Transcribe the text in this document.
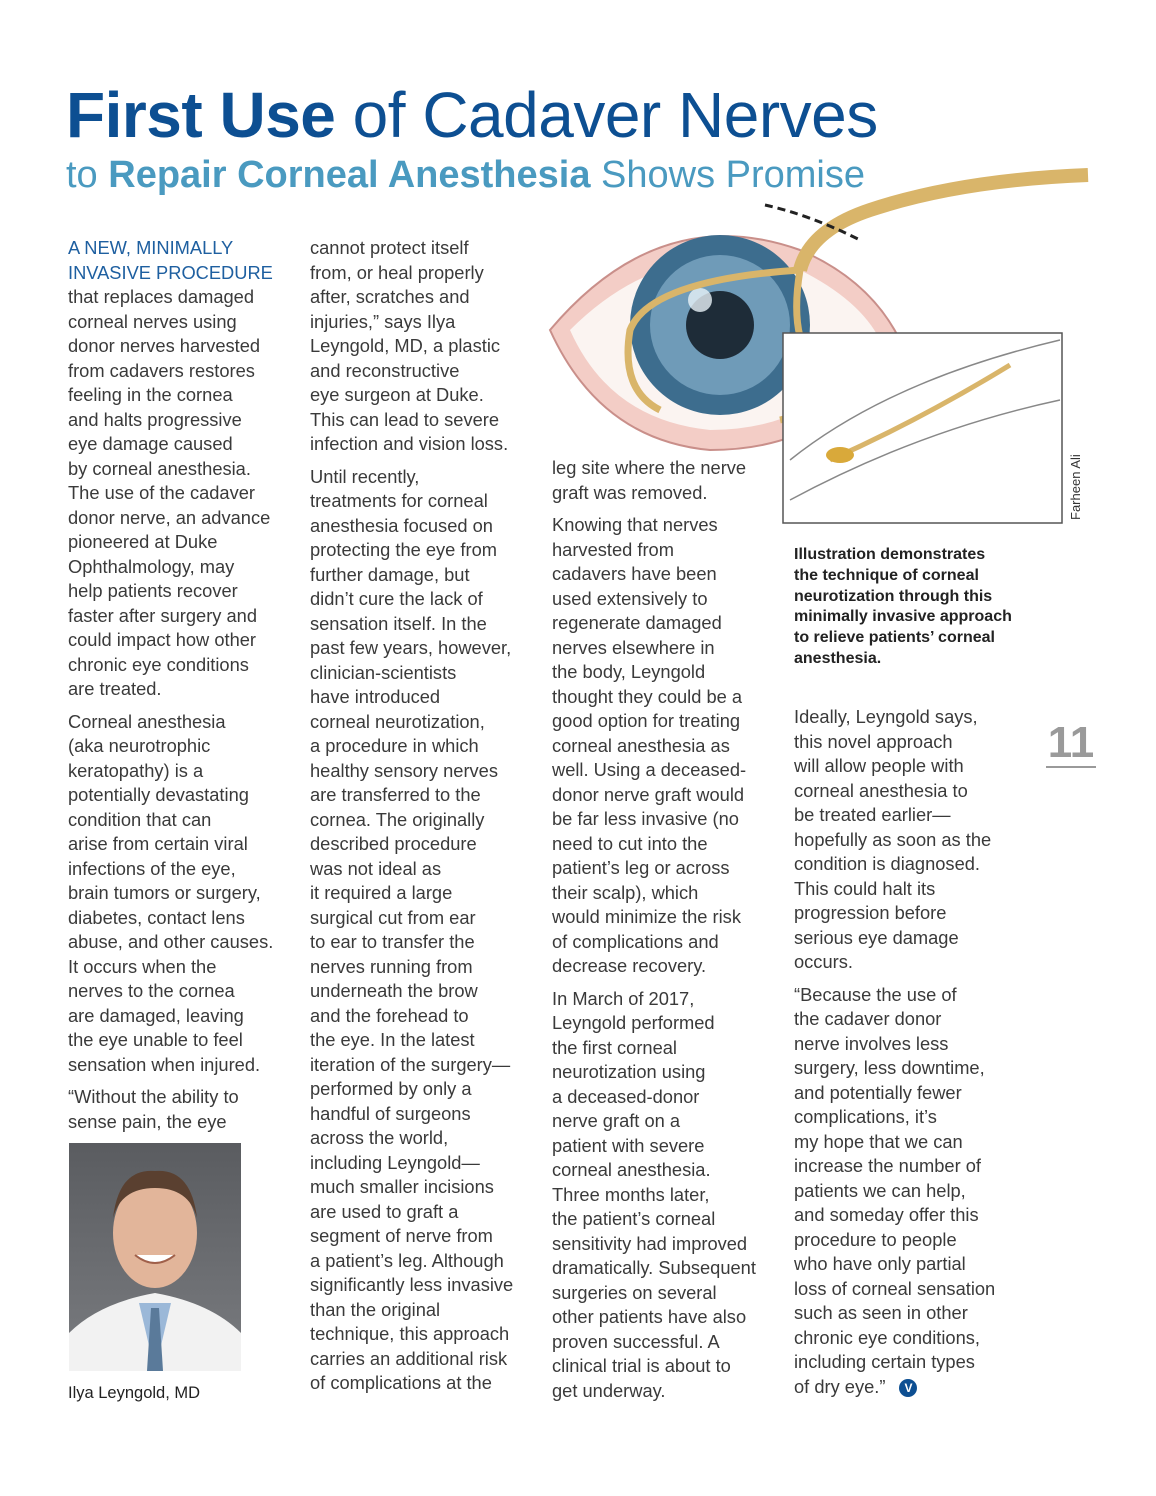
First Use of Cadaver Nerves
to Repair Corneal Anesthesia Shows Promise
Farheen Ali
Illustration demonstrates
the technique of corneal
neurotization through this
minimally invasive approach
to relieve patients’ corneal
anesthesia.
A NEW, MINIMALLY
INVASIVE PROCEDURE
that replaces damaged
corneal nerves using
donor nerves harvested
from cadavers restores
feeling in the cornea
and halts progressive
eye damage caused
by corneal anesthesia.
The use of the cadaver
donor nerve, an advance
pioneered at Duke
Ophthalmology, may
help patients recover
faster after surgery and
could impact how other
chronic eye conditions
are treated.
Corneal anesthesia
(aka neurotrophic
keratopathy) is a
potentially devastating
condition that can
arise from certain viral
infections of the eye,
brain tumors or surgery,
diabetes, contact lens
abuse, and other causes.
It occurs when the
nerves to the cornea
are damaged, leaving
the eye unable to feel
sensation when injured.
“Without the ability to
sense pain, the eye
cannot protect itself
from, or heal properly
after, scratches and
injuries,” says Ilya
Leyngold, MD, a plastic
and reconstructive
eye surgeon at Duke.
This can lead to severe
infection and vision loss.
Until recently,
treatments for corneal
anesthesia focused on
protecting the eye from
further damage, but
didn’t cure the lack of
sensation itself. In the
past few years, however,
clinician-scientists
have introduced
corneal neurotization,
a procedure in which
healthy sensory nerves
are transferred to the
cornea. The originally
described procedure
was not ideal as
it required a large
surgical cut from ear
to ear to transfer the
nerves running from
underneath the brow
and the forehead to
the eye. In the latest
iteration of the surgery—
performed by only a
handful of surgeons
across the world,
including Leyngold—
much smaller incisions
are used to graft a
segment of nerve from
a patient’s leg. Although
significantly less invasive
than the original
technique, this approach
carries an additional risk
of complications at the
leg site where the nerve
graft was removed.
Knowing that nerves
harvested from
cadavers have been
used extensively to
regenerate damaged
nerves elsewhere in
the body, Leyngold
thought they could be a
good option for treating
corneal anesthesia as
well. Using a deceased-
donor nerve graft would
be far less invasive (no
need to cut into the
patient’s leg or across
their scalp), which
would minimize the risk
of complications and
decrease recovery.
In March of 2017,
Leyngold performed
the first corneal
neurotization using
a deceased-donor
nerve graft on a
patient with severe
corneal anesthesia.
Three months later,
the patient’s corneal
sensitivity had improved
dramatically. Subsequent
surgeries on several
other patients have also
proven successful. A
clinical trial is about to
get underway.
Ideally, Leyngold says,
this novel approach
will allow people with
corneal anesthesia to
be treated earlier—
hopefully as soon as the
condition is diagnosed.
This could halt its
progression before
serious eye damage
occurs.
“Because the use of
the cadaver donor
nerve involves less
surgery, less downtime,
and potentially fewer
complications, it’s
my hope that we can
increase the number of
patients we can help,
and someday offer this
procedure to people
who have only partial
loss of corneal sensation
such as seen in other
chronic eye conditions,
including certain types
of dry eye.” V
Ilya Leyngold, MD
11
